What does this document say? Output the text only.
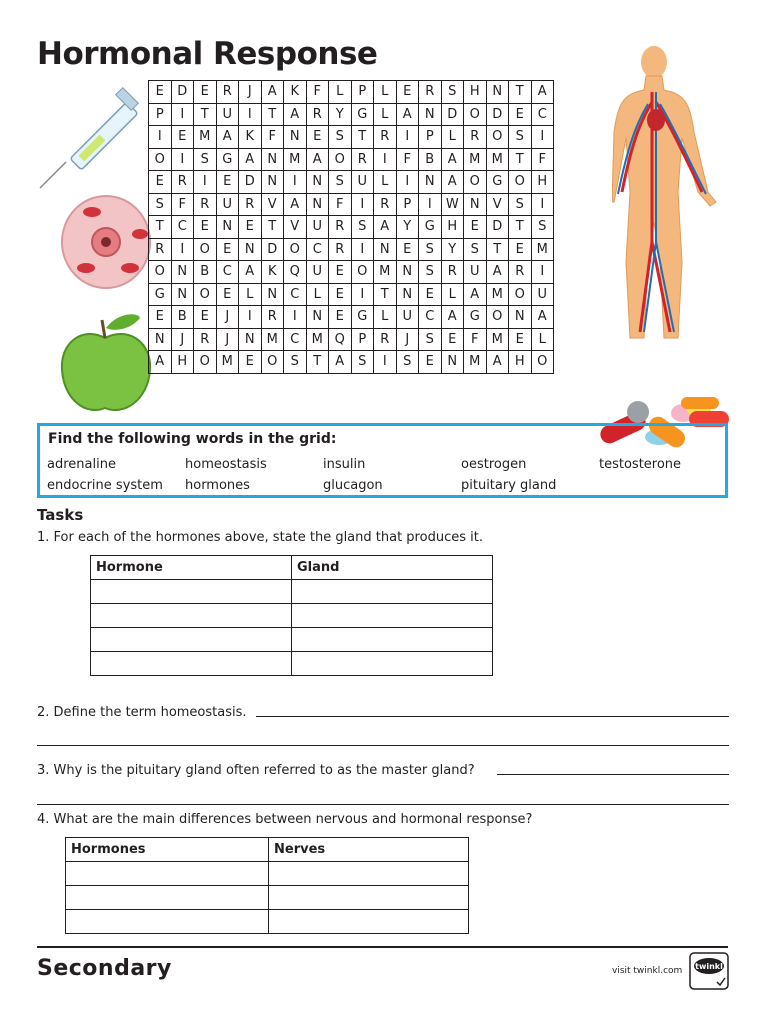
Hormonal Response
E	D	E	R	J	A	K	F	L	P	L	E	R	S	H	N	T	A
P	I	T	U	I	T	A	R	Y	G	L	A	N	D	O	D	E	C
I	E	M	A	K	F	N	E	S	T	R	I	P	L	R	O	S	I
O	I	S	G	A	N	M	A	O	R	I	F	B	A	M	M	T	F
E	R	I	E	D	N	I	N	S	U	L	I	N	A	O	G	O	H
S	F	R	U	R	V	A	N	F	I	R	P	I	W	N	V	S	I
T	C	E	N	E	T	V	U	R	S	A	Y	G	H	E	D	T	S
R	I	O	E	N	D	O	C	R	I	N	E	S	Y	S	T	E	M
O	N	B	C	A	K	Q	U	E	O	M	N	S	R	U	A	R	I
G	N	O	E	L	N	C	L	E	I	T	N	E	L	A	M	O	U
E	B	E	J	I	R	I	N	E	G	L	U	C	A	G	O	N	A
N	J	R	J	N	M	C	M	Q	P	R	J	S	E	F	M	E	L
A	H	O	M	E	O	S	T	A	S	I	S	E	N	M	A	H	O
Find the following words in the grid:
adrenaline	homeostasis	insulin	oestrogen	testosterone
endocrine system hormones	glucagon	pituitary gland
Tasks
1. For each of the hormones above, state the gland that produces it.
Hormone	Gland

2. Define the term homeostasis.
3. Why is the pituitary gland often referred to as the master gland?
4. What are the main differences between nervous and hormonal response?
Hormones	Nerves

Secondary	visit twinkl.com twinkl
